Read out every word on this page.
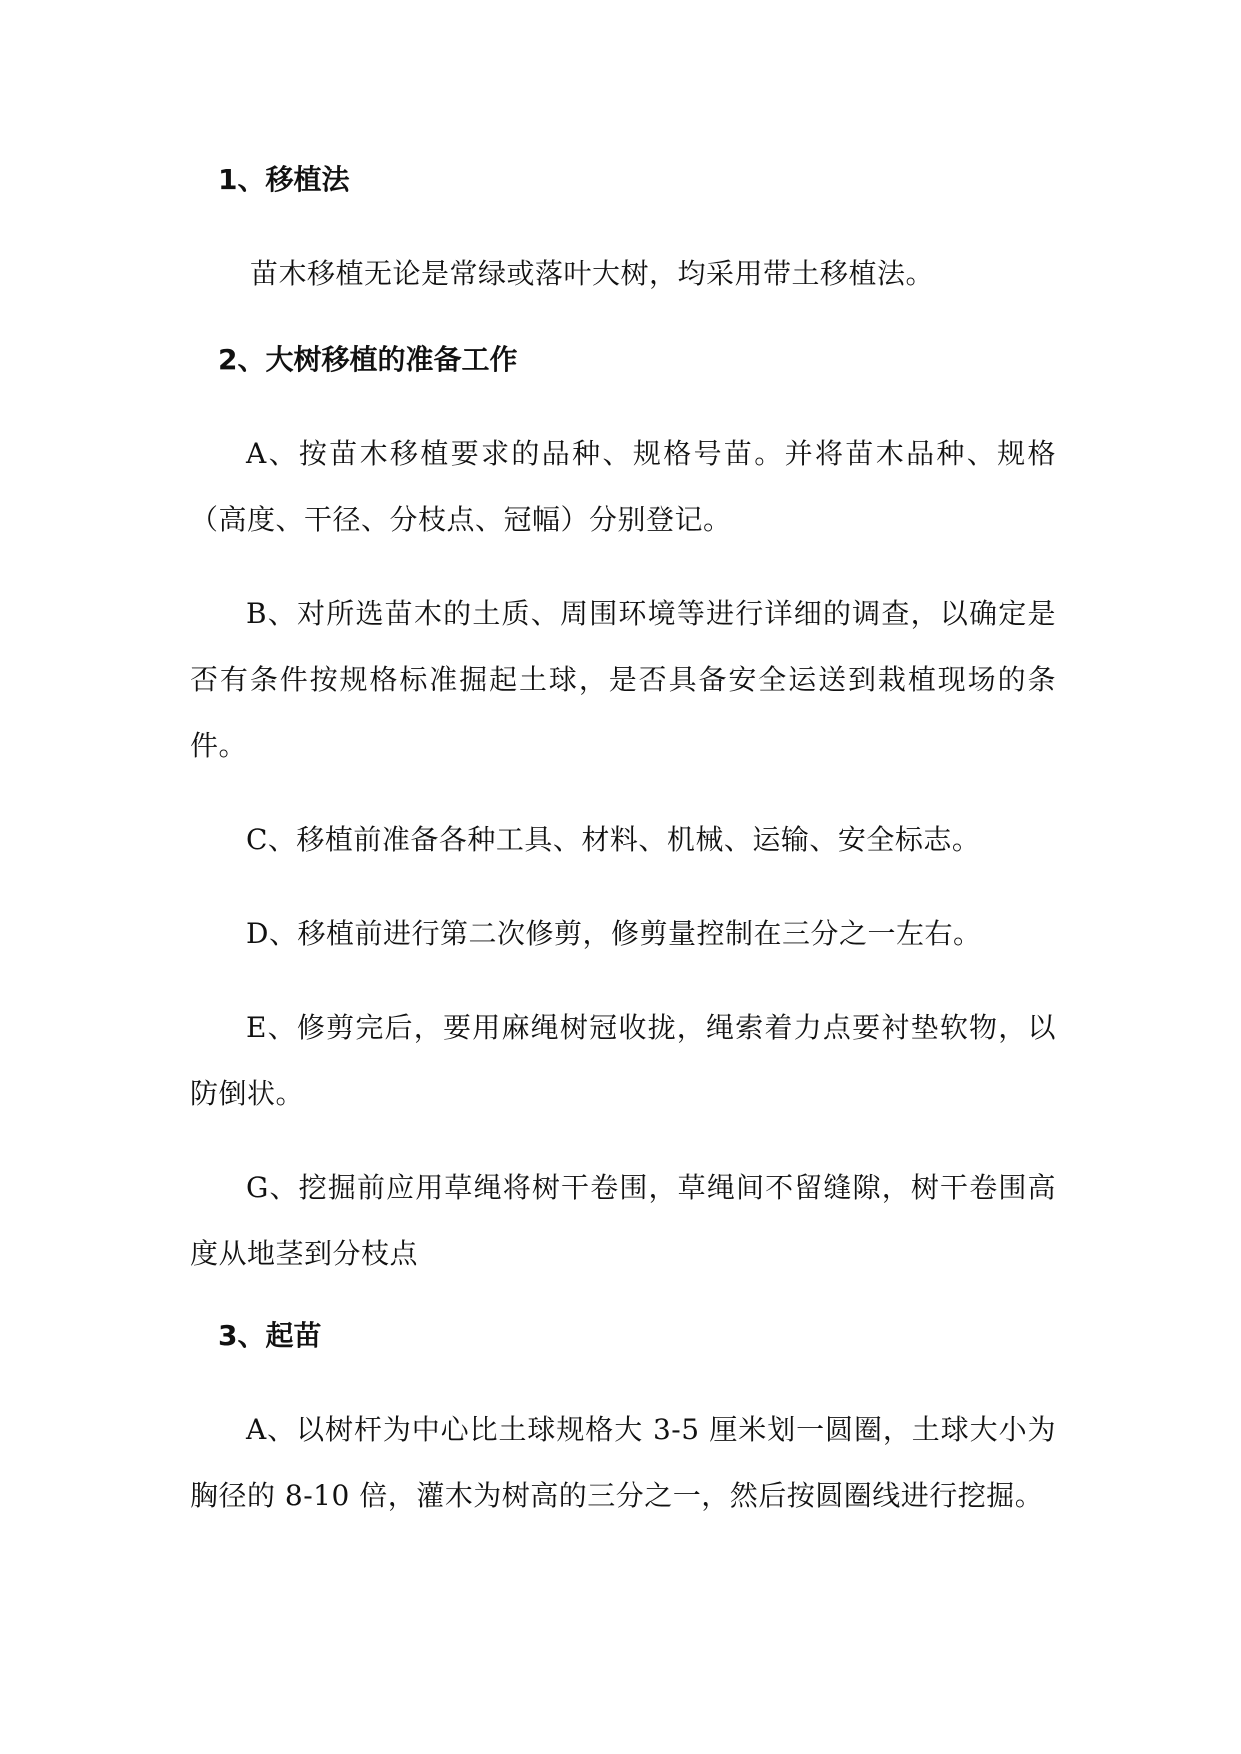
1、移植法

苗木移植无论是常绿或落叶大树，均采用带土移植法。

2、大树移植的准备工作

A、按苗木移植要求的品种、规格号苗。并将苗木品种、规格（高度、干径、分枝点、冠幅）分别登记。

B、对所选苗木的土质、周围环境等进行详细的调查，以确定是否有条件按规格标准掘起土球，是否具备安全运送到栽植现场的条件。

C、移植前准备各种工具、材料、机械、运输、安全标志。

D、移植前进行第二次修剪，修剪量控制在三分之一左右。

E、修剪完后，要用麻绳树冠收拢，绳索着力点要衬垫软物，以防倒状。

G、挖掘前应用草绳将树干卷围，草绳间不留缝隙，树干卷围高度从地茎到分枝点

3、起苗

A、以树杆为中心比土球规格大 3-5 厘米划一圆圈，土球大小为胸径的 8-10 倍，灌木为树高的三分之一，然后按圆圈线进行挖掘。
